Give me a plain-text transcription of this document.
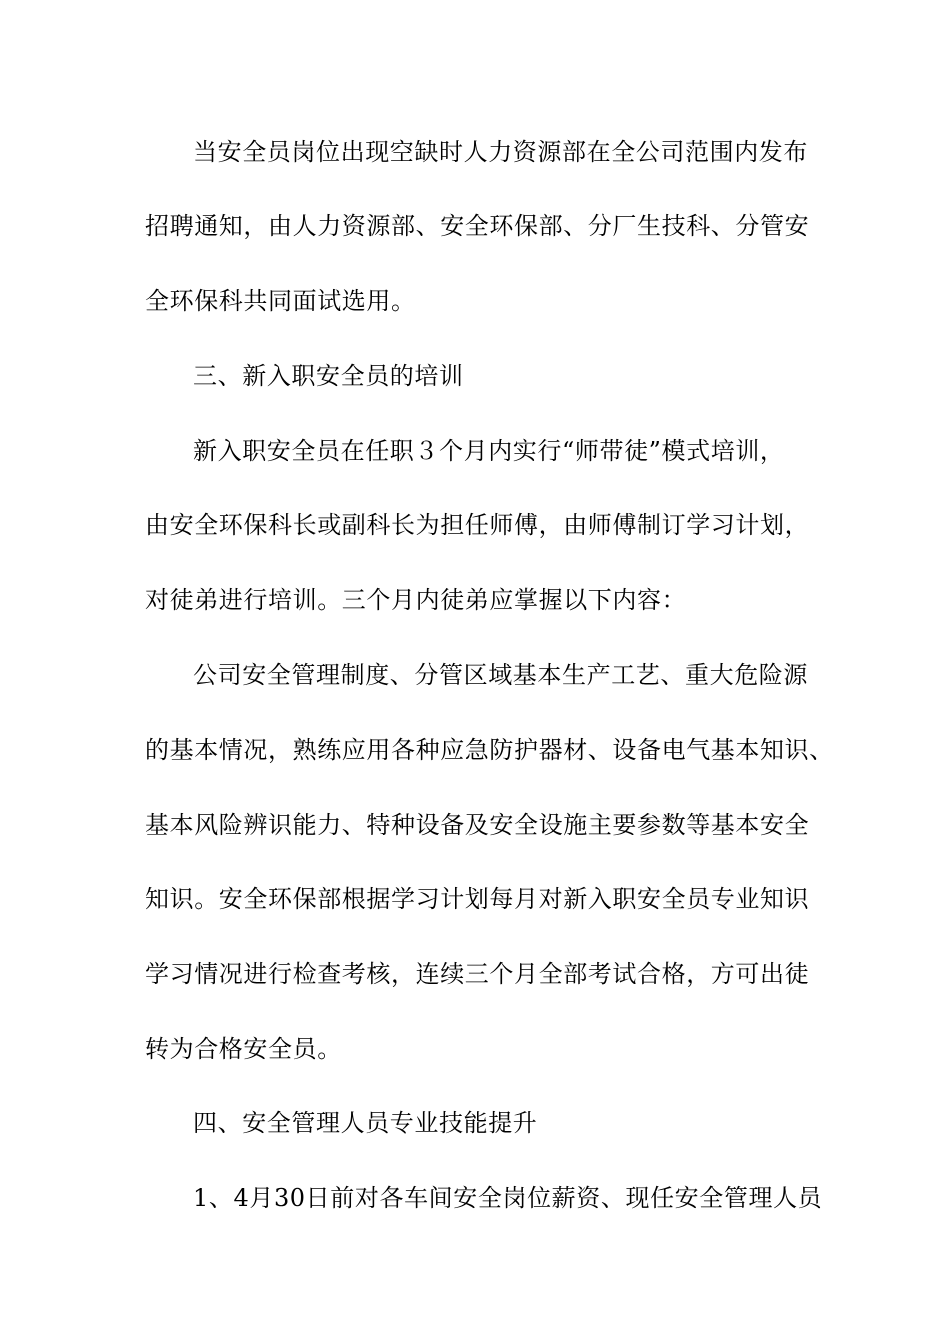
当安全员岗位出现空缺时人力资源部在全公司范围内发布
招聘通知，由人力资源部、安全环保部、分厂生技科、分管安
全环保科共同面试选用。
三、新入职安全员的培训
新入职安全员在任职３个月内实行“师带徒”模式培训，
由安全环保科长或副科长为担任师傅，由师傅制订学习计划，
对徒弟进行培训。三个月内徒弟应掌握以下内容：
公司安全管理制度、分管区域基本生产工艺、重大危险源
的基本情况，熟练应用各种应急防护器材、设备电气基本知识、
基本风险辨识能力、特种设备及安全设施主要参数等基本安全
知识。安全环保部根据学习计划每月对新入职安全员专业知识
学习情况进行检查考核，连续三个月全部考试合格，方可出徒
转为合格安全员。
四、安全管理人员专业技能提升
1、4月30日前对各车间安全岗位薪资、现任安全管理人员
